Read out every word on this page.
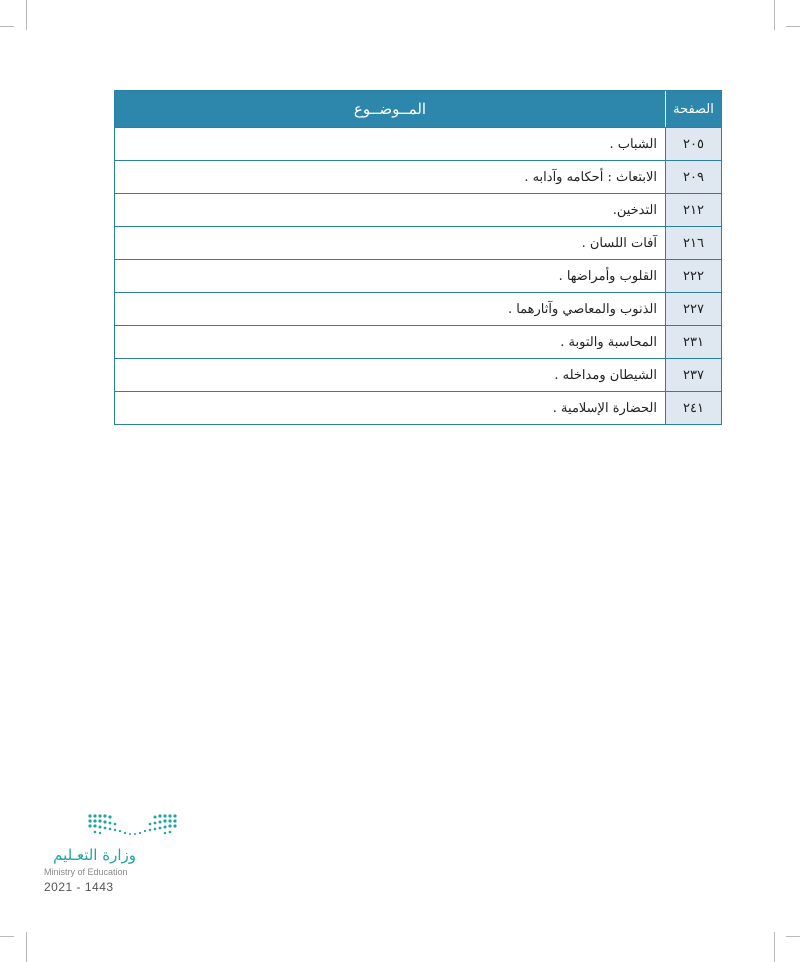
الصفحة
المــوضــوع
٢٠٥
الشباب .
٢٠٩
الابتعاث : أحكامه وآدابه .
٢١٢
التدخين.
٢١٦
آفات اللسان .
٢٢٢
القلوب وأمراضها .
٢٢٧
الذنوب والمعاصي وآثارهما .
٢٣١
المحاسبة والتوبة .
٢٣٧
الشيطان ومداخله .
٢٤١
الحضارة الإسلامية .
وزارة التعـليم
Ministry of Education
2021 - 1443
